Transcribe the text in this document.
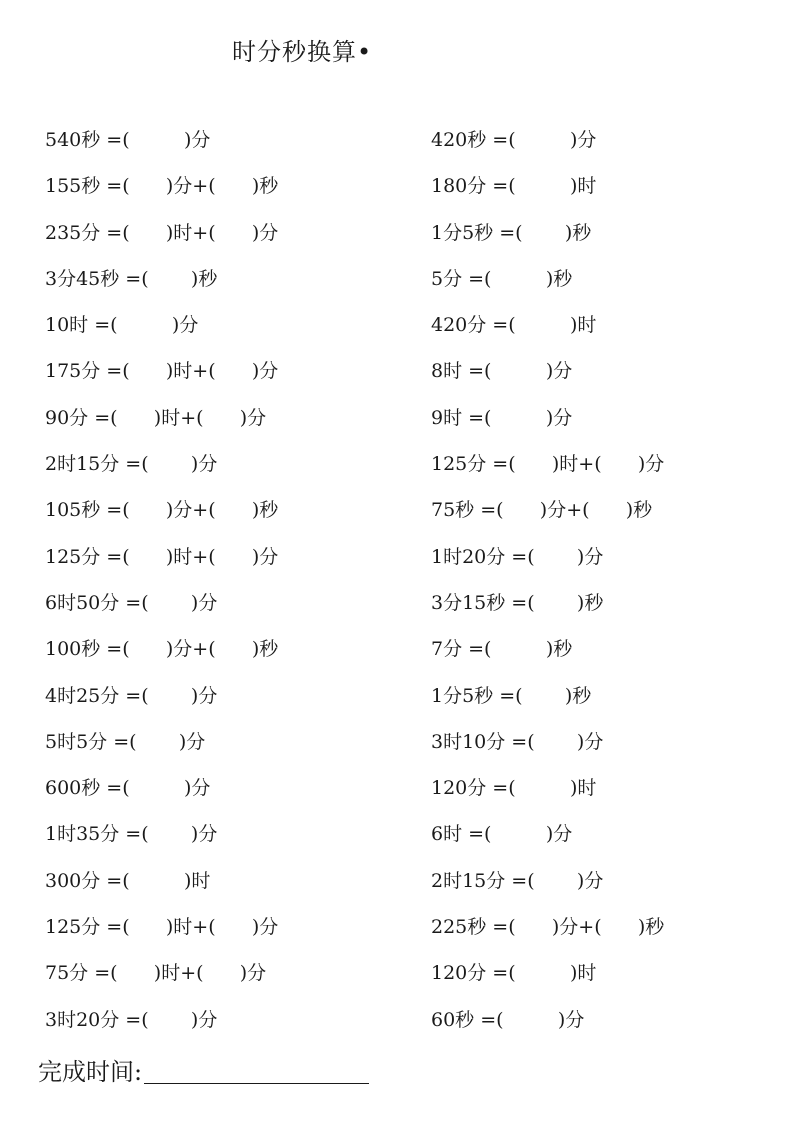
时分秒换算•
540秒 =(         )分	420秒 =(         )分
155秒 =(      )分+(      )秒	180分 =(         )时
235分 =(      )时+(      )分	1分5秒 =(       )秒
3分45秒 =(       )秒	5分 =(         )秒
10时 =(         )分	420分 =(         )时
175分 =(      )时+(      )分	8时 =(         )分
90分 =(      )时+(      )分	9时 =(         )分
2时15分 =(       )分	125分 =(      )时+(      )分
105秒 =(      )分+(      )秒	75秒 =(      )分+(      )秒
125分 =(      )时+(      )分	1时20分 =(       )分
6时50分 =(       )分	3分15秒 =(       )秒
100秒 =(      )分+(      )秒	7分 =(         )秒
4时25分 =(       )分	1分5秒 =(       )秒
5时5分 =(       )分	3时10分 =(       )分
600秒 =(         )分	120分 =(         )时
1时35分 =(       )分	6时 =(         )分
300分 =(         )时	2时15分 =(       )分
125分 =(      )时+(      )分	225秒 =(      )分+(      )秒
75分 =(      )时+(      )分	120分 =(         )时
3时20分 =(       )分	60秒 =(         )分
完成时间:
